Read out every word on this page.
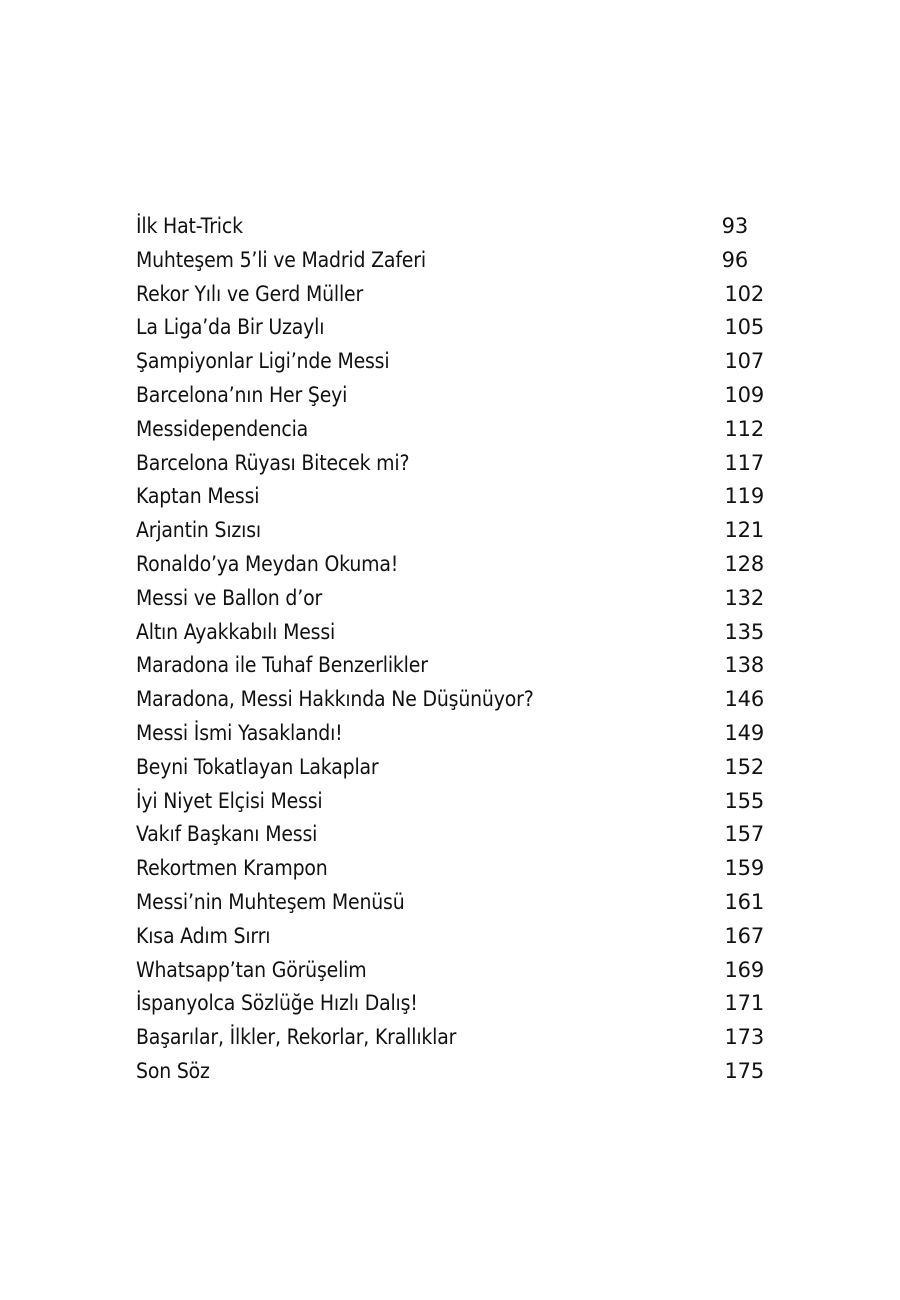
İlk Hat-Trick	93
Muhteşem 5’li ve Madrid Zaferi	96
Rekor Yılı ve Gerd Müller	102
La Liga’da Bir Uzaylı	105
Şampiyonlar Ligi’nde Messi	107
Barcelona’nın Her Şeyi	109
Messidependencia	112
Barcelona Rüyası Bitecek mi?	117
Kaptan Messi	119
Arjantin Sızısı	121
Ronaldo’ya Meydan Okuma!	128
Messi ve Ballon d’or	132
Altın Ayakkabılı Messi	135
Maradona ile Tuhaf Benzerlikler	138
Maradona, Messi Hakkında Ne Düşünüyor?	146
Messi İsmi Yasaklandı!	149
Beyni Tokatlayan Lakaplar	152
İyi Niyet Elçisi Messi	155
Vakıf Başkanı Messi	157
Rekortmen Krampon	159
Messi’nin Muhteşem Menüsü	161
Kısa Adım Sırrı	167
Whatsapp’tan Görüşelim	169
İspanyolca Sözlüğe Hızlı Dalış!	171
Başarılar, İlkler, Rekorlar, Krallıklar	173
Son Söz	175
